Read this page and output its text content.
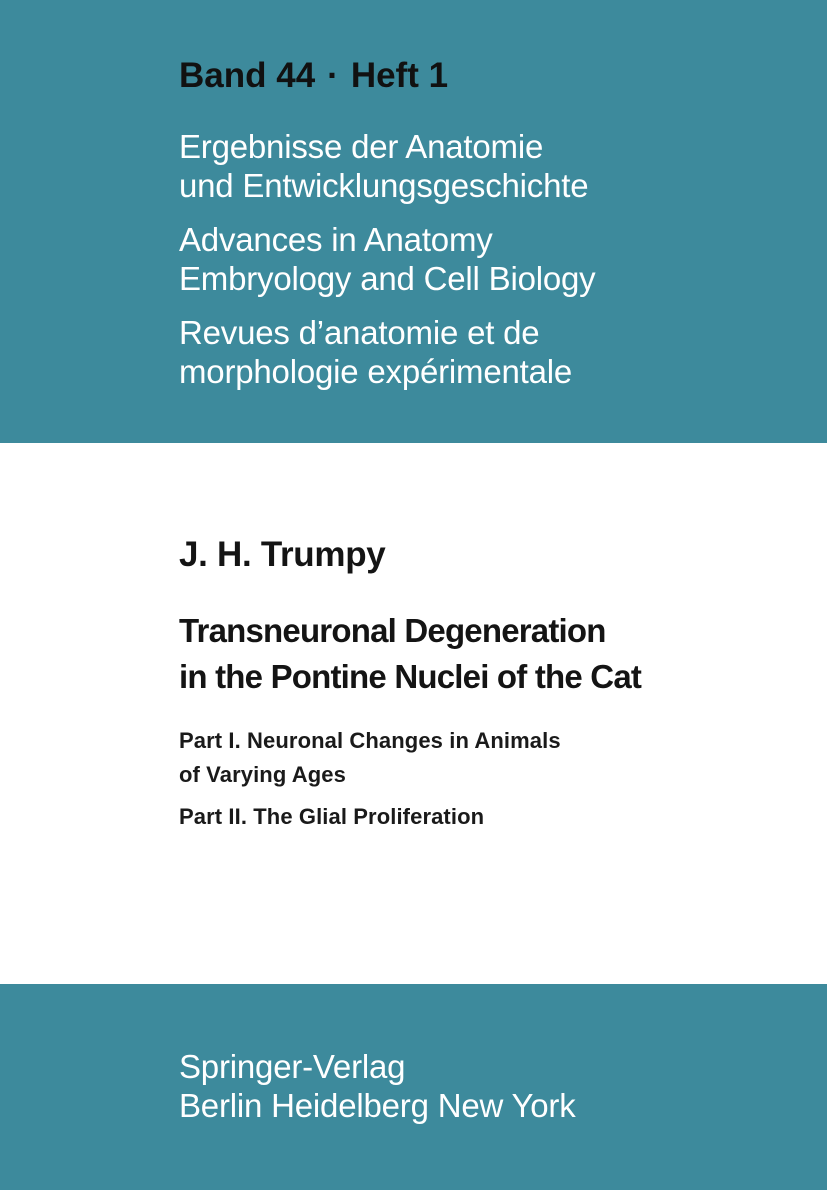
Band 44 · Heft 1
Ergebnisse der Anatomie
und Entwicklungsgeschichte
Advances in Anatomy
Embryology and Cell Biology
Revues d’anatomie et de
morphologie expérimentale
J. H. Trumpy
Transneuronal Degeneration
in the Pontine Nuclei of the Cat
Part I. Neuronal Changes in Animals
of Varying Ages
Part II. The Glial Proliferation
Springer-Verlag
Berlin Heidelberg New York
